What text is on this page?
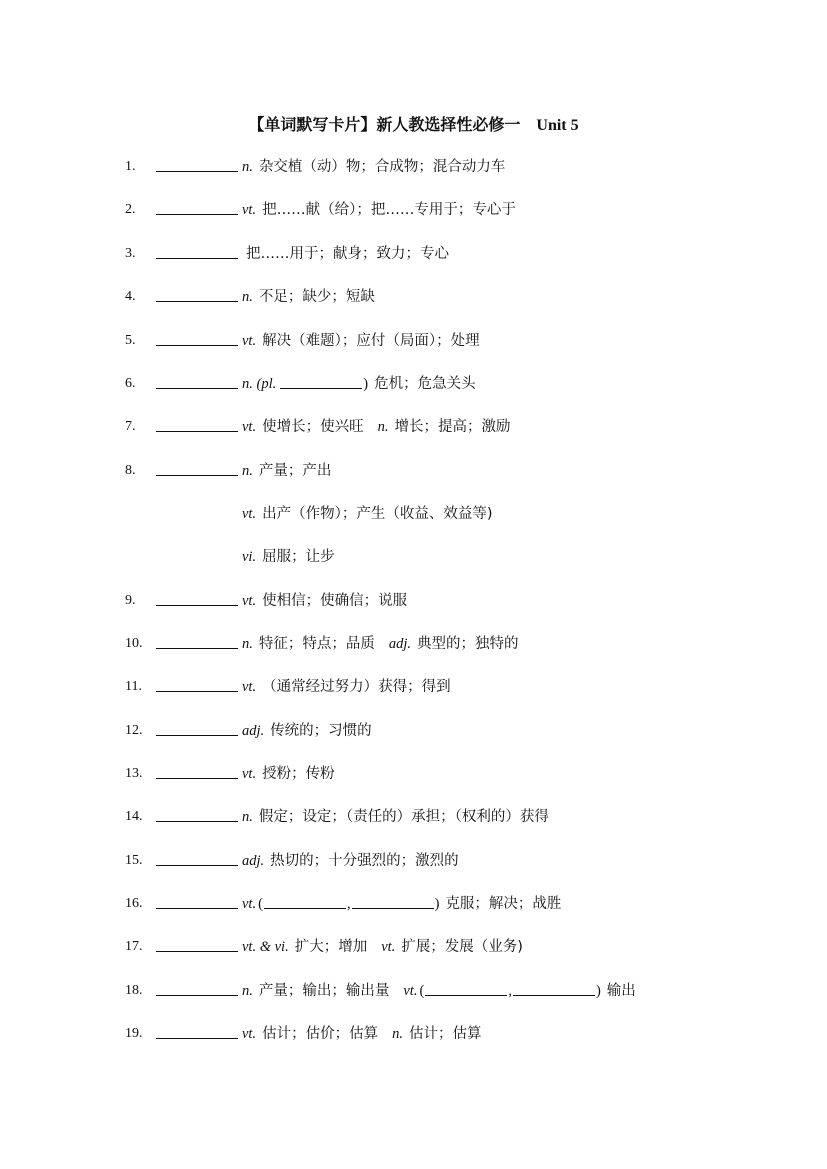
【单词默写卡片】新人教选择性必修一 Unit 5
1.	n. 杂交植（动）物；合成物；混合动力车
2.	vt. 把……献（给）；把……专用于；专心于
3.	把……用于；献身；致力；专心
4.	n. 不足；缺少；短缺
5.	vt. 解决（难题）；应付（局面）；处理
6.	n. (pl.	) 危机；危急关头
7.	vt. 使增长；使兴旺 n. 增长；提高；激励
8.	n. 产量；产出
vt. 出产（作物）；产生（收益、效益等)
vi. 屈服；让步
9.	vt. 使相信；使确信；说服
10.	n. 特征；特点；品质 adj. 典型的；独特的
11.	vt. （通常经过努力）获得；得到
12.	adj. 传统的；习惯的
13.	vt. 授粉；传粉
14.	n. 假定；设定；（责任的）承担；（权利的）获得
15.	adj. 热切的；十分强烈的；激烈的
16.	vt. (	,	) 克服；解决；战胜
17.	vt. & vi. 扩大；增加 vt. 扩展；发展（业务)
18.	n. 产量；输出；输出量 vt. (	,	) 输出
19.	vt. 估计；估价；估算 n. 估计；估算
